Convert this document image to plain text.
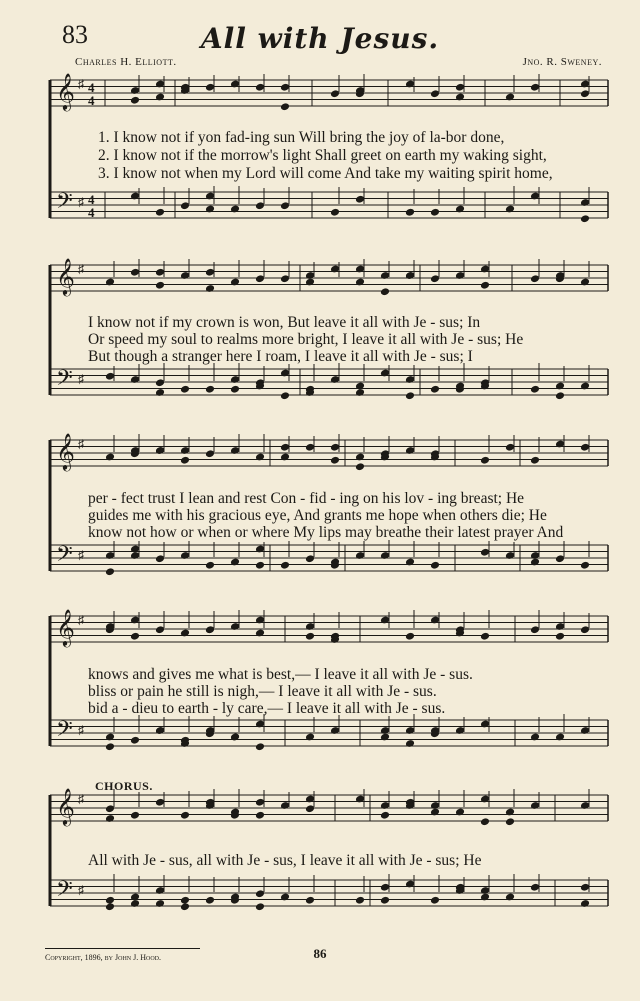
83	All with Jesus.
Charles H. Elliott.	Jno. R. Sweney.
𝄞
𝄢
♯
♯
4
4
4
4
𝄞
𝄢
♯
♯
𝄞
𝄢
♯
♯
𝄞
𝄢
♯
♯
𝄞
𝄢
♯
♯
1. I know not if yon fad-ing sun Will bring the joy of la-bor done,
2. I know not if the morrow's light Shall greet on earth my waking sight,
3. I know not when my Lord will come And take my waiting spirit home,
I know not if my crown is won, But leave it all with Je - sus; In
Or speed my soul to realms more bright, I leave it all with Je - sus; He
But though a stranger here I roam, I leave it all with Je - sus; I
per - fect trust I lean and rest Con - fid - ing on his lov - ing breast; He
guides me with his gracious eye, And grants me hope when others die; He
know not how or when or where My lips may breathe their latest prayer And
knows and gives me what is best,— I leave it all with Je - sus.
bliss or pain he still is nigh,— I leave it all with Je - sus.
bid a - dieu to earth - ly care,— I leave it all with Je - sus.
CHORUS.
All with Je - sus, all with Je - sus, I leave it all with Je - sus; He
Copyright, 1896, by John J. Hood.	86
